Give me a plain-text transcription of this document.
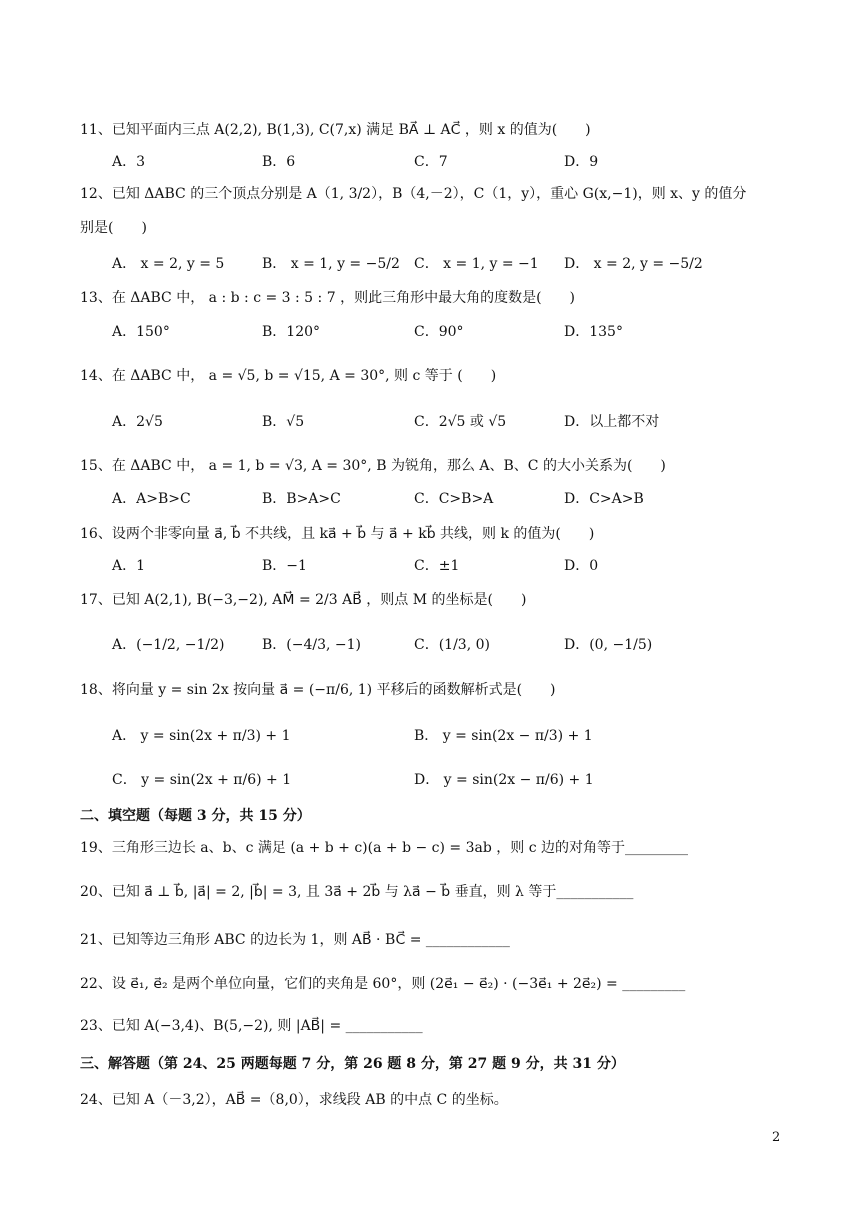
11、已知平面内三点 A(2,2), B(1,3), C(7,x) 满足 BA⃗ ⊥ AC⃗ ，则 x 的值为(　　)
A．3	B．6	C．7	D．9
12、已知 ΔABC 的三个顶点分别是 A（1, 3/2），B（4,－2），C（1，y），重心 G(x,−1)，则 x、y 的值分
别是(　　)
A． x = 2, y = 5	B． x = 1, y = −5/2 C． x = 1, y = −1 D． x = 2, y = −5/2
13、在 ΔABC 中， a : b : c = 3 : 5 : 7 ，则此三角形中最大角的度数是(　　)
A．150°	B．120°	C．90°	D．135°
14、在 ΔABC 中， a = √5, b = √15, A = 30°, 则 c 等于 (　　)
A．2√5	B．√5	C．2√5 或 √5	D．以上都不对
15、在 ΔABC 中， a = 1, b = √3, A = 30°, B 为锐角，那么 A、B、C 的大小关系为(　　)
A．A>B>C	B．B>A>C	C．C>B>A	D．C>A>B
16、设两个非零向量 a⃗, b⃗ 不共线，且 ka⃗ + b⃗ 与 a⃗ + kb⃗ 共线，则 k 的值为(　　)
A．1	B．−1	C．±1	D．0
17、已知 A(2,1), B(−3,−2), AM⃗ = 2/3 AB⃗ ，则点 M 的坐标是(　　)
A．(−1/2, −1/2)	B．(−4/3, −1)	C．(1/3, 0)	D．(0, −1/5)
18、将向量 y = sin 2x 按向量 a⃗ = (−π/6, 1) 平移后的函数解析式是(　　)
A． y = sin(2x + π/3) + 1	B． y = sin(2x − π/3) + 1
C． y = sin(2x + π/6) + 1	D． y = sin(2x − π/6) + 1
二、填空题（每题 3 分，共 15 分）
19、三角形三边长 a、b、c 满足 (a + b + c)(a + b − c) = 3ab ，则 c 边的对角等于_________
20、已知 a⃗ ⊥ b⃗, |a⃗| = 2, |b⃗| = 3, 且 3a⃗ + 2b⃗ 与 λa⃗ − b⃗ 垂直，则 λ 等于___________
21、已知等边三角形 ABC 的边长为 1，则 AB⃗ · BC⃗ = ____________
22、设 e⃗₁, e⃗₂ 是两个单位向量，它们的夹角是 60°，则 (2e⃗₁ − e⃗₂) · (−3e⃗₁ + 2e⃗₂) = _________
23、已知 A(−3,4)、B(5,−2), 则 |AB⃗| = ___________
三、解答题（第 24、25 两题每题 7 分，第 26 题 8 分，第 27 题 9 分，共 31 分）
24、已知 A（－3,2），AB⃗ =（8,0），求线段 AB 的中点 C 的坐标。
2
